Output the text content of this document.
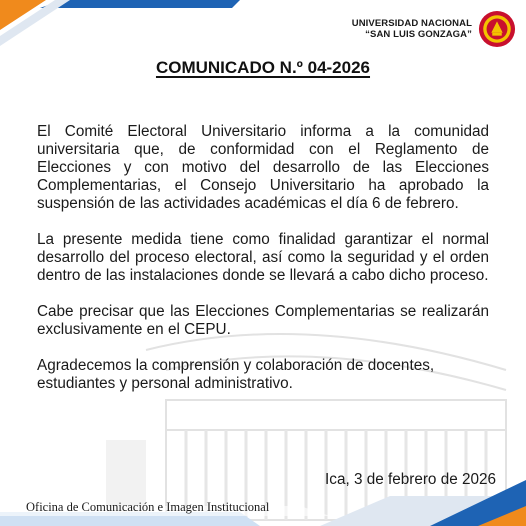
UNIVERSIDAD NACIONAL
“SAN LUIS GONZAGA”
COMUNICADO N.º 04-2026

El Comité Electoral Universitario informa a la comunidad universitaria que, de conformidad con el Reglamento de Elecciones y con motivo del desarrollo de las Elecciones Complementarias, el Consejo Universitario ha aprobado la suspensión de las actividades académicas el día 6 de febrero.

La presente medida tiene como finalidad garantizar el normal desarrollo del proceso electoral, así como la seguridad y el orden dentro de las instalaciones donde se llevará a cabo dicho proceso.

Cabe precisar que las Elecciones Complementarias se realizarán exclusivamente en el CEPU.

Agradecemos la comprensión y colaboración de docentes, estudiantes y personal administrativo.

Ica, 3 de febrero de 2026
Oficina de Comunicación e Imagen Institucional
